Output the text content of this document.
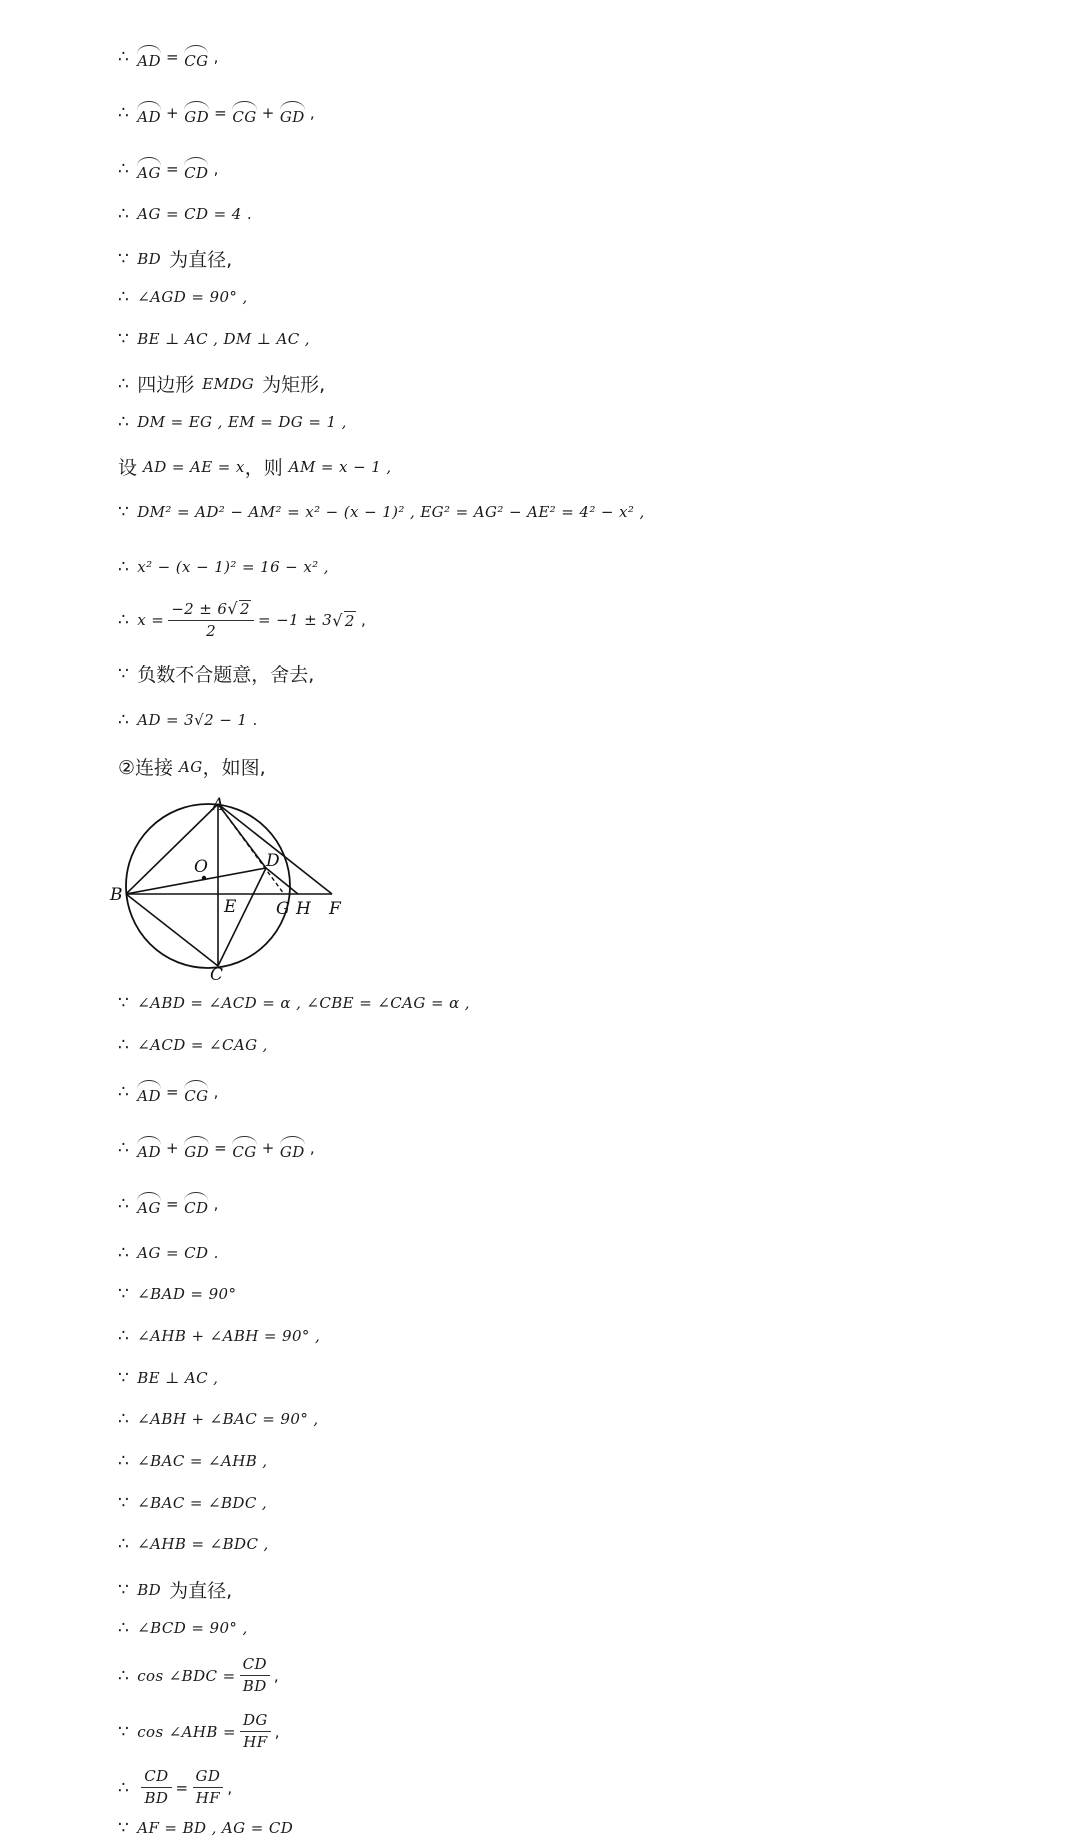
∴ AD = CG ,
∴ AD + GD = CG + GD ,
∴ AG = CD ,
∴ AG = CD = 4 .
∵ BD 为直径,
∴ ∠AGD = 90° ,
∵ BE ⊥ AC , DM ⊥ AC ,
∴ 四边形 EMDG 为矩形,
∴ DM = EG , EM = DG = 1 ,
设 AD = AE = x ，则 AM = x − 1 ,
∵ DM² = AD² − AM² = x² − (x − 1)² , EG² = AG² − AE² = 4² − x² ,
∴ x² − (x − 1)² = 16 − x² ,
∴ $x = \frac{-2 \pm 6√ 2}{2} = -1 \pm 3$ √ 2 ,
∵ 负数不合题意，舍去,
∴ AD = 3√2 − 1 .
②连接 AG ，如图,
A
B
C
D
E G H F
O
∵ ∠ABD = ∠ACD = α , ∠CBE = ∠CAG = α ,
∴ ∠ACD = ∠CAG ,
∴ AD = CG ,
∴ AD + GD = CG + GD ,
∴ AG = CD ,
∴ AG = CD .
∵ ∠BAD = 90°
∴ ∠AHB + ∠ABH = 90° ,
∵ BE ⊥ AC ,
∴ ∠ABH + ∠BAC = 90° ,
∴ ∠BAC = ∠AHB ,
∵ ∠BAC = ∠BDC ,
∴ ∠AHB = ∠BDC ,
∵ BD 为直径,
∴ ∠BCD = 90° ,
∴ cos ∠BDC = $\frac{CD}{BD}$ ,
∵ cos ∠AHB = $\frac{DG}{HF}$ ,
∴ $\frac{CD}{BD} = \frac{GD}{HF}$ ,
∵ AF = BD , AG = CD
